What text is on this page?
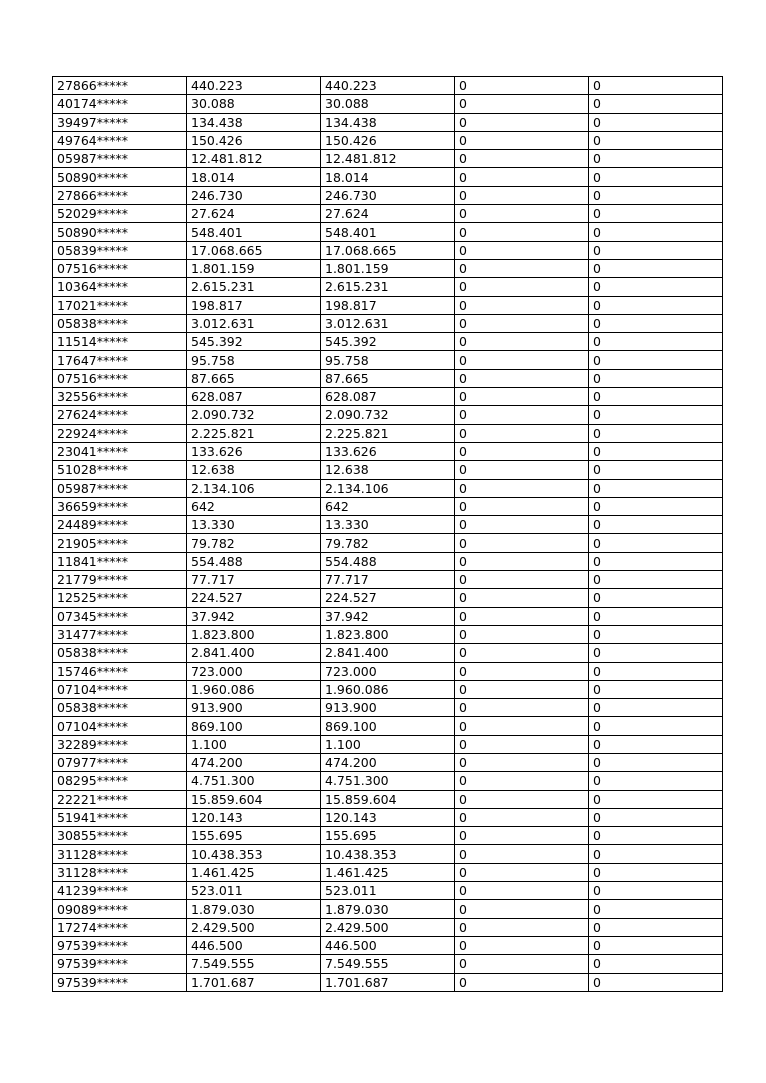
27866*****	440.223	440.223	0	0
40174*****	30.088	30.088	0	0
39497*****	134.438	134.438	0	0
49764*****	150.426	150.426	0	0
05987*****	12.481.812	12.481.812	0	0
50890*****	18.014	18.014	0	0
27866*****	246.730	246.730	0	0
52029*****	27.624	27.624	0	0
50890*****	548.401	548.401	0	0
05839*****	17.068.665	17.068.665	0	0
07516*****	1.801.159	1.801.159	0	0
10364*****	2.615.231	2.615.231	0	0
17021*****	198.817	198.817	0	0
05838*****	3.012.631	3.012.631	0	0
11514*****	545.392	545.392	0	0
17647*****	95.758	95.758	0	0
07516*****	87.665	87.665	0	0
32556*****	628.087	628.087	0	0
27624*****	2.090.732	2.090.732	0	0
22924*****	2.225.821	2.225.821	0	0
23041*****	133.626	133.626	0	0
51028*****	12.638	12.638	0	0
05987*****	2.134.106	2.134.106	0	0
36659*****	642	642	0	0
24489*****	13.330	13.330	0	0
21905*****	79.782	79.782	0	0
11841*****	554.488	554.488	0	0
21779*****	77.717	77.717	0	0
12525*****	224.527	224.527	0	0
07345*****	37.942	37.942	0	0
31477*****	1.823.800	1.823.800	0	0
05838*****	2.841.400	2.841.400	0	0
15746*****	723.000	723.000	0	0
07104*****	1.960.086	1.960.086	0	0
05838*****	913.900	913.900	0	0
07104*****	869.100	869.100	0	0
32289*****	1.100	1.100	0	0
07977*****	474.200	474.200	0	0
08295*****	4.751.300	4.751.300	0	0
22221*****	15.859.604	15.859.604	0	0
51941*****	120.143	120.143	0	0
30855*****	155.695	155.695	0	0
31128*****	10.438.353	10.438.353	0	0
31128*****	1.461.425	1.461.425	0	0
41239*****	523.011	523.011	0	0
09089*****	1.879.030	1.879.030	0	0
17274*****	2.429.500	2.429.500	0	0
97539*****	446.500	446.500	0	0
97539*****	7.549.555	7.549.555	0	0
97539*****	1.701.687	1.701.687	0	0
